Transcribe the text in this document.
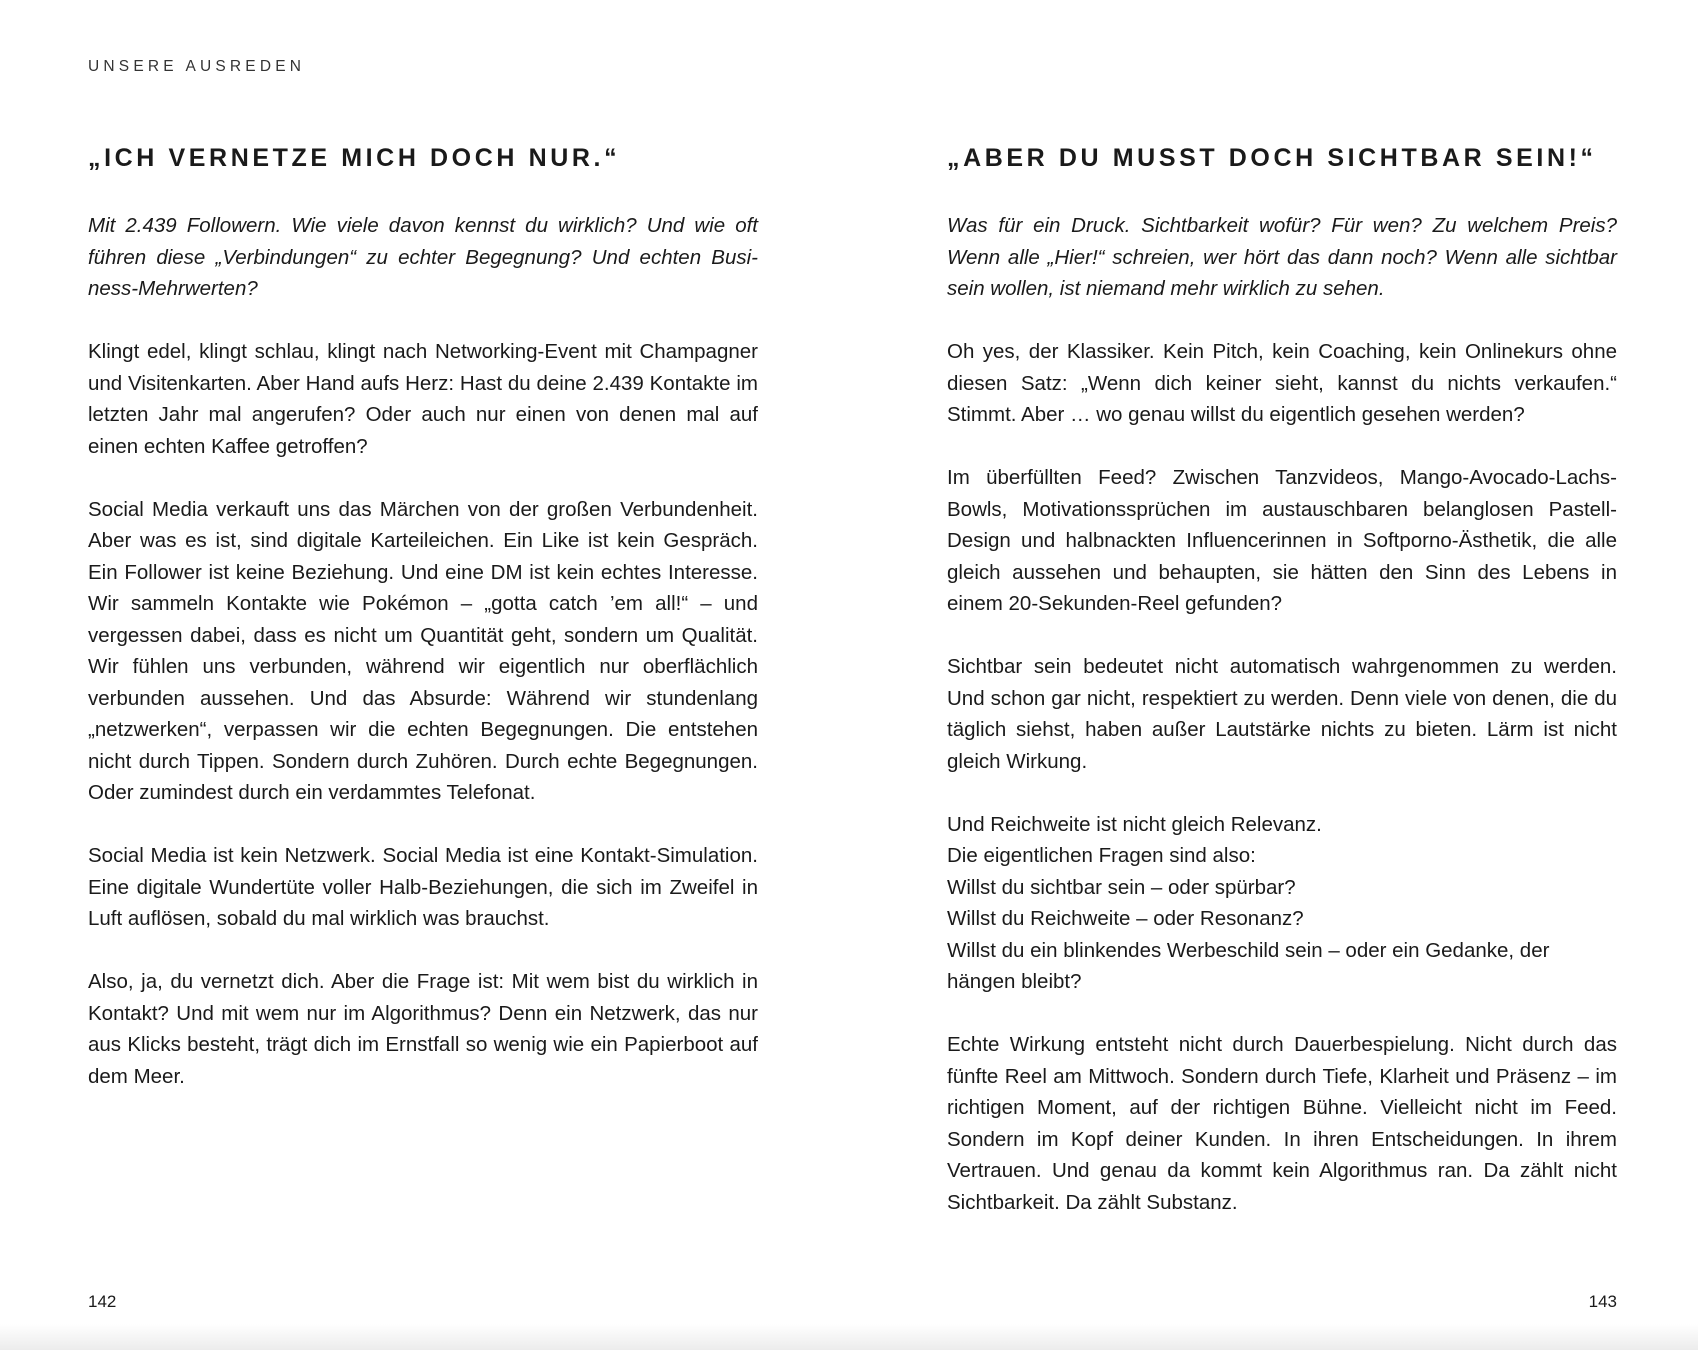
UNSERE AUSREDEN
„ICH VERNETZE MICH DOCH NUR.“

Mit 2.439 Followern. Wie viele davon kennst du wirklich? Und wie oft führen diese „Verbindungen“ zu echter Begegnung? Und echten Business-Mehrwerten?

Klingt edel, klingt schlau, klingt nach Networking-Event mit Champagner und Visitenkarten. Aber Hand aufs Herz: Hast du deine 2.439 Kontakte im letzten Jahr mal angerufen? Oder auch nur einen von denen mal auf einen echten Kaffee getroffen?

Social Media verkauft uns das Märchen von der großen Verbundenheit. Aber was es ist, sind digitale Karteileichen. Ein Like ist kein Gespräch. Ein Follower ist keine Beziehung. Und eine DM ist kein echtes Interesse. Wir sammeln Kontakte wie Pokémon – „gotta catch ’em all!“ – und vergessen dabei, dass es nicht um Quantität geht, sondern um Qualität. Wir fühlen uns verbunden, während wir eigentlich nur oberflächlich verbunden aussehen. Und das Absurde: Während wir stundenlang „netzwerken“, verpassen wir die echten Begegnungen. Die entstehen nicht durch Tippen. Sondern durch Zuhören. Durch echte Begegnungen. Oder zumindest durch ein verdammtes Telefonat.

Social Media ist kein Netzwerk. Social Media ist eine Kontakt-Simulation. Eine digitale Wundertüte voller Halb-Beziehungen, die sich im Zweifel in Luft auflösen, sobald du mal wirklich was brauchst.

Also, ja, du vernetzt dich. Aber die Frage ist: Mit wem bist du wirklich in Kontakt? Und mit wem nur im Algorithmus? Denn ein Netzwerk, das nur aus Klicks besteht, trägt dich im Ernstfall so wenig wie ein Papierboot auf dem Meer.

142
„ABER DU MUSST DOCH SICHTBAR SEIN!“

Was für ein Druck. Sichtbarkeit wofür? Für wen? Zu welchem Preis? Wenn alle „Hier!“ schreien, wer hört das dann noch? Wenn alle sichtbar sein wollen, ist niemand mehr wirklich zu sehen.

Oh yes, der Klassiker. Kein Pitch, kein Coaching, kein Onlinekurs ohne diesen Satz: „Wenn dich keiner sieht, kannst du nichts verkaufen.“ Stimmt. Aber … wo genau willst du eigentlich gesehen werden?

Im überfüllten Feed? Zwischen Tanzvideos, Mango-Avocado-Lachs-Bowls, Motivationssprüchen im austauschbaren belanglosen Pastell-Design und halbnackten Influencerinnen in Softporno-Ästhetik, die alle gleich aussehen und behaupten, sie hätten den Sinn des Lebens in einem 20-Sekunden-Reel gefunden?

Sichtbar sein bedeutet nicht automatisch wahrgenommen zu werden. Und schon gar nicht, respektiert zu werden. Denn viele von denen, die du täglich siehst, haben außer Lautstärke nichts zu bieten. Lärm ist nicht gleich Wirkung.

Und Reichweite ist nicht gleich Relevanz.
Die eigentlichen Fragen sind also:
Willst du sichtbar sein – oder spürbar?
Willst du Reichweite – oder Resonanz?
Willst du ein blinkendes Werbeschild sein – oder ein Gedanke, der hängen bleibt?

Echte Wirkung entsteht nicht durch Dauerbespielung. Nicht durch das fünfte Reel am Mittwoch. Sondern durch Tiefe, Klarheit und Präsenz – im richtigen Moment, auf der richtigen Bühne. Vielleicht nicht im Feed. Sondern im Kopf deiner Kunden. In ihren Entscheidungen. In ihrem Vertrauen. Und genau da kommt kein Algorithmus ran. Da zählt nicht Sichtbarkeit. Da zählt Substanz.

143
